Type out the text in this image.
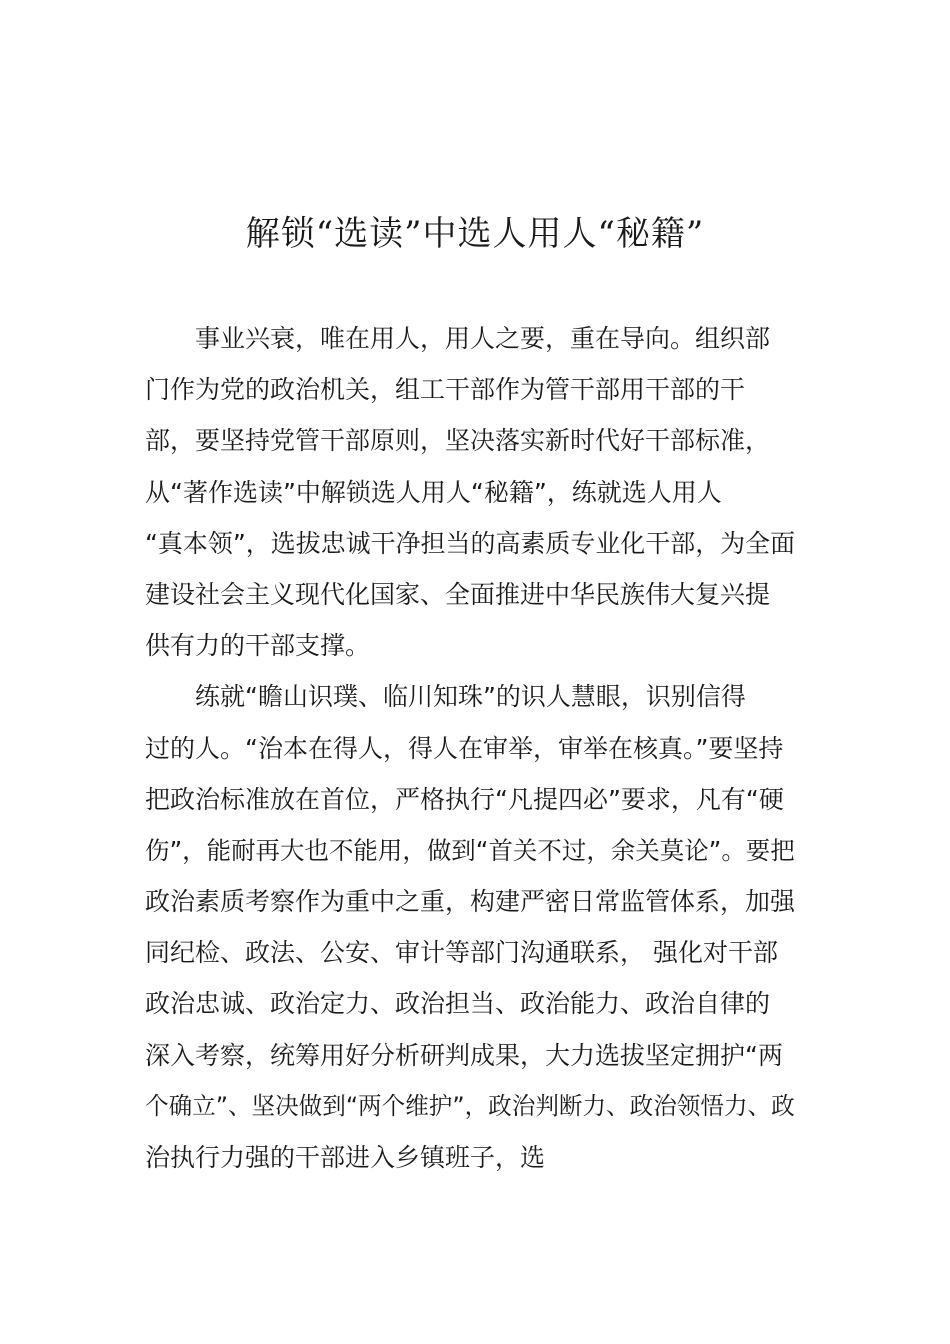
解锁“选读”中选人用人“秘籍”
事业兴衰，唯在用人，用人之要，重在导向。组织部
门作为党的政治机关，组工干部作为管干部用干部的干
部，要坚持党管干部原则，坚决落实新时代好干部标准，
从“著作选读”中解锁选人用人“秘籍”，练就选人用人
“真本领”，选拔忠诚干净担当的高素质专业化干部，为全面
建设社会主义现代化国家、全面推进中华民族伟大复兴提
供有力的干部支撑。
练就“瞻山识璞、临川知珠”的识人慧眼，识别信得
过的人。“治本在得人，得人在审举，审举在核真。”要坚持
把政治标准放在首位，严格执行“凡提四必”要求，凡有“硬
伤”，能耐再大也不能用，做到“首关不过，余关莫论”。要把
政治素质考察作为重中之重，构建严密日常监管体系，加强
同纪检、政法、公安、审计等部门沟通联系， 强化对干部
政治忠诚、政治定力、政治担当、政治能力、政治自律的
深入考察，统筹用好分析研判成果，大力选拔坚定拥护“两
个确立”、坚决做到“两个维护”，政治判断力、政治领悟力、政
治执行力强的干部进入乡镇班子，选
